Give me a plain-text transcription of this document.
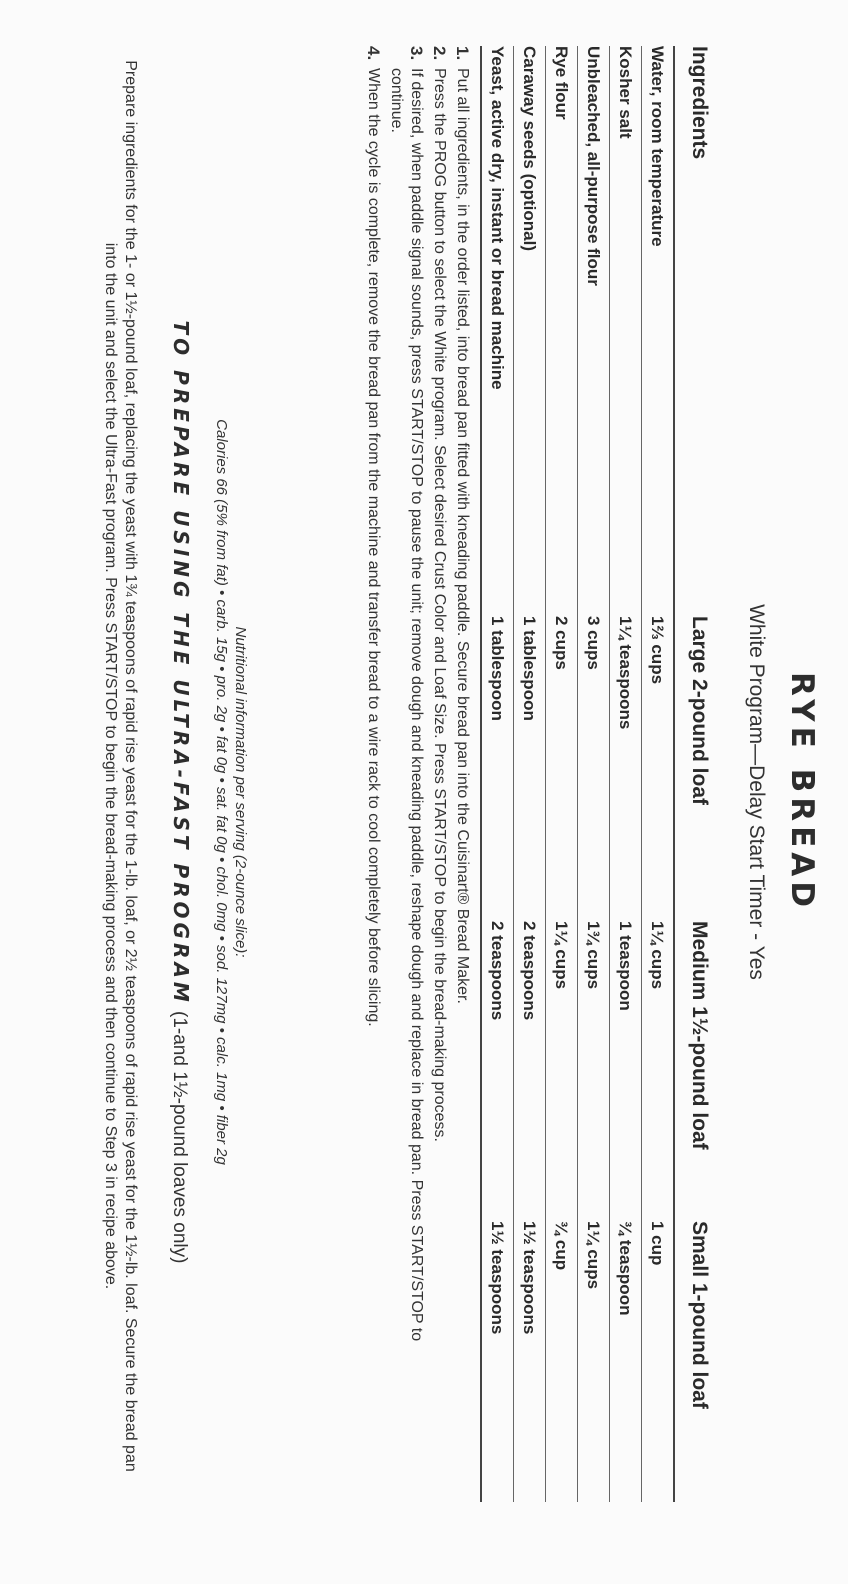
RYE BREAD
White Program—Delay Start Timer - Yes
Ingredients	Large 2-pound loaf	Medium 1½-pound loaf	Small 1-pound loaf
Water, room temperature	1⅔ cups	1¼ cups	1 cup
Kosher salt	1¼ teaspoons	1 teaspoon	¾ teaspoon
Unbleached, all-purpose flour	3 cups	1¾ cups	1¼ cups
Rye flour	2 cups	1¼ cups	¾ cup
Caraway seeds (optional)	1 tablespoon	2 teaspoons	1½ teaspoons
Yeast, active dry, instant or bread machine	1 tablespoon	2 teaspoons	1½ teaspoons
1.
Put all ingredients, in the order listed, into bread pan fitted with kneading paddle. Secure bread pan into the Cuisinart® Bread Maker.
2.
Press the PROG button to select the White program. Select desired Crust Color and Loaf Size. Press START/STOP to begin the bread-making process.
3.
If desired, when paddle signal sounds, press START/STOP to pause the unit; remove dough and kneading paddle, reshape dough and replace in bread pan. Press START/STOP to continue.
4.
When the cycle is complete, remove the bread pan from the machine and transfer bread to a wire rack to cool completely before slicing.
Nutritional information per serving (2-ounce slice):
Calories 66 (5% from fat) • carb. 15g • pro. 2g • fat 0g • sat. fat 0g • chol. 0mg • sod. 127mg • calc. 1mg • fiber 2g
TO PREPARE USING THE ULTRA-FAST PROGRAM (1-and 1½-pound loaves only)
Prepare ingredients for the 1- or 1½-pound loaf, replacing the yeast with 1¾ teaspoons of rapid rise yeast for the 1-lb. loaf, or 2½ teaspoons of rapid rise yeast for the 1½-lb. loaf. Secure the bread pan into the unit and select the Ultra-Fast program. Press START/STOP to begin the bread-making process and then continue to Step 3 in recipe above.
